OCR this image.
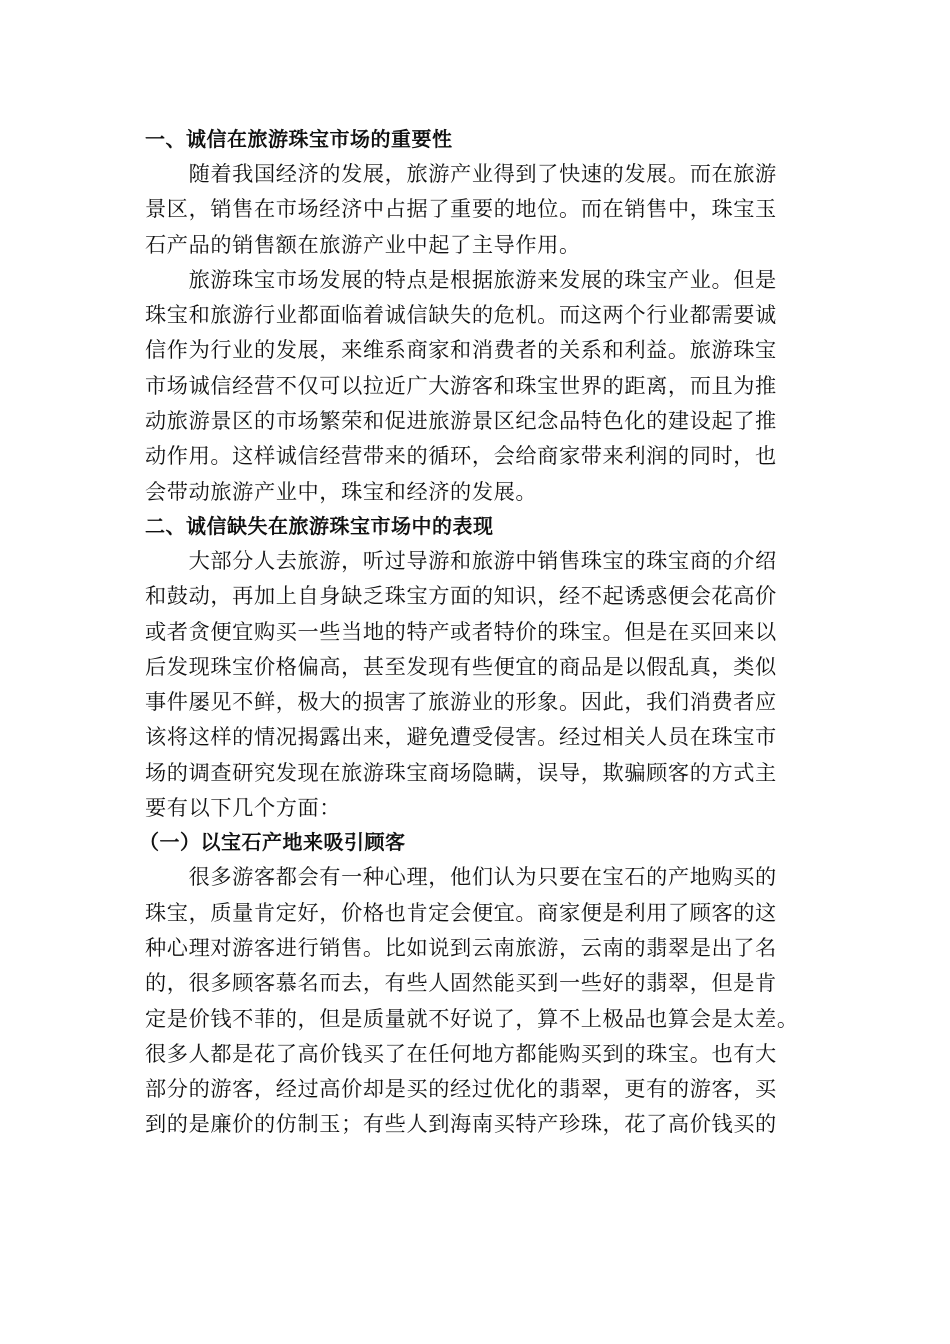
一、诚信在旅游珠宝市场的重要性
　　随着我国经济的发展，旅游产业得到了快速的发展。而在旅游
景区，销售在市场经济中占据了重要的地位。而在销售中，珠宝玉
石产品的销售额在旅游产业中起了主导作用。
　　旅游珠宝市场发展的特点是根据旅游来发展的珠宝产业。但是
珠宝和旅游行业都面临着诚信缺失的危机。而这两个行业都需要诚
信作为行业的发展，来维系商家和消费者的关系和利益。旅游珠宝
市场诚信经营不仅可以拉近广大游客和珠宝世界的距离，而且为推
动旅游景区的市场繁荣和促进旅游景区纪念品特色化的建设起了推
动作用。这样诚信经营带来的循环，会给商家带来利润的同时，也
会带动旅游产业中，珠宝和经济的发展。
二、诚信缺失在旅游珠宝市场中的表现
　　大部分人去旅游，听过导游和旅游中销售珠宝的珠宝商的介绍
和鼓动，再加上自身缺乏珠宝方面的知识，经不起诱惑便会花高价
或者贪便宜购买一些当地的特产或者特价的珠宝。但是在买回来以
后发现珠宝价格偏高，甚至发现有些便宜的商品是以假乱真，类似
事件屡见不鲜，极大的损害了旅游业的形象。因此，我们消费者应
该将这样的情况揭露出来，避免遭受侵害。经过相关人员在珠宝市
场的调查研究发现在旅游珠宝商场隐瞒，误导，欺骗顾客的方式主
要有以下几个方面：
（一）以宝石产地来吸引顾客
　　很多游客都会有一种心理，他们认为只要在宝石的产地购买的
珠宝，质量肯定好，价格也肯定会便宜。商家便是利用了顾客的这
种心理对游客进行销售。比如说到云南旅游，云南的翡翠是出了名
的，很多顾客慕名而去，有些人固然能买到一些好的翡翠，但是肯
定是价钱不菲的，但是质量就不好说了，算不上极品也算会是太差。
很多人都是花了高价钱买了在任何地方都能购买到的珠宝。也有大
部分的游客，经过高价却是买的经过优化的翡翠，更有的游客，买
到的是廉价的仿制玉；有些人到海南买特产珍珠，花了高价钱买的
